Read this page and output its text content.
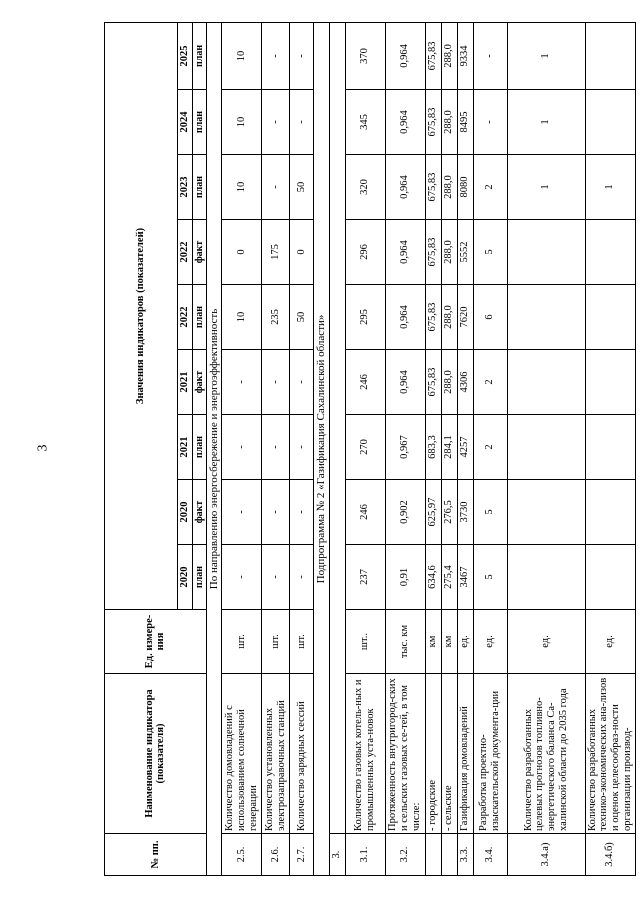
3
№ пп.	Наименование индикатора (показателя)	Ед. измере-ния	Значения индикаторов (показателей)								
			2020	2020	2021	2021	2022	2022	2023	2024	2025
			план	факт	план	факт	план	факт	план	план	план
По направлению энергосбережение и энергоэффективность											
2.5.	Количество домовладений с использованием солнечной генерации	шт.	-	-	-	-	10	0	10	10	10
2.6.	Количество установленных электрозаправочных станций	шт.	-	-	-	-	235	175	-	-	-
2.7.	Количество зарядных сессий	шт.	-	-	-	-	50	0	50	-	-
Подпрограмма № 2 «Газификация Сахалинской области»											
3.											
3.1.	Количество газовых котель-ных и промышленных уста-новок	шт..	237	246	270	246	295	296	320	345	370
3.2.	Протяженность внутригород-ских и сельских газовых се-тей, в том числе:	тыс. км	0,91	0,902	0,967	0,964	0,964	0,964	0,964	0,964	0,964
	- городские	км	634,6	625,97	683,3	675,83	675,83	675,83	675,83	675,83	675,83
	- сельские	км	275,4	276,5	284,1	288,0	288,0	288,0	288,0	288,0	288,0
3.3.	Газификация домовладений	ед.	3467	3730	4257	4306	7620	5552	8080	8495	9334
3.4.	Разработка проектно-изыскательской документа-ции	ед.	5	5	2	2	6	5	2	-	-
3.4.а)	Количество разработанных целевых прогнозов топливно-энергетического баланса Са-халинской области до 2035 года	ед.							1	1	1
3.4.б)	Количество разработанных технико-экономических ана-лизов и оценок целесообраз-ности организации производ-	ед.							1		
